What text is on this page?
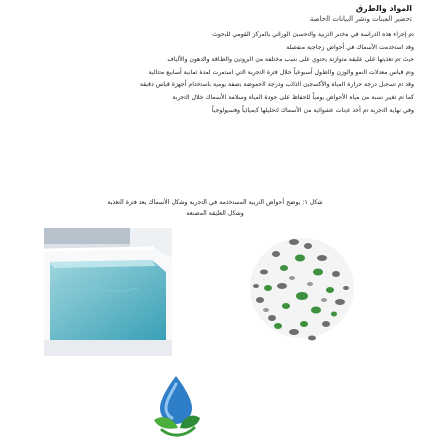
ﺍﻟﻣﻭﺍﺩ ﻭﺍﻟﻁﺭﻕ
ﺗﺣﺿﻳﺭ ﺍﻟﻌﻳﻧﺎﺕ ﻭﻧﺷﺭ ﺍﻟﺑﻳﺎﻧﺎﺕ ﺍﻟﺧﺎﺻﺔ

ﺗﻡ ﺇﺟﺭﺍء ﻫﺫﻩ ﺍﻟﺩﺭﺍﺳﺔ ﻓﻲ ﻣﺧﺗﺑﺭ ﺍﻟﺗﺭﺑﻳﺔ ﻭﺍﻟﺗﺣﺳﻳﻥ ﺍﻟﻭﺭﺍﺛﻲ ﺑﺎﻟﻣﺭﻛﺯ ﺍﻟﻘﻭﻣﻲ ﻟﻠﺑﺣﻭﺙ

ﻭﻗﺩ ﺍﺳﺗﺧﺩﻣﺕ ﺍﻷﺳﻣﺎﻙ ﻓﻲ ﺃﺣﻭﺍﺽ ﺯﺟﺎﺟﻳﺔ ﻣﻧﻔﺻﻠﺔ

ﺣﻳﺙ ﺗﻡ ﺗﻐﺫﻳﺗﻬﺎ ﻋﻠﻰ ﻋﻠﻳﻘﺔ ﻣﺗﻭﺍﺯﻧﺔ ﻳﺣﺗﻭﻱ ﻋﻠﻰ ﻧﺳﺏ ﻣﺧﺗﻠﻔﺔ ﻣﻥ ﺍﻟﺑﺭﻭﺗﻳﻥ ﻭﺍﻟﻁﺎﻗﺔ ﻭﺍﻟﺩﻫﻭﻥ ﻭﺍﻷﻟﻳﺎﻑ

ﻭﺗﻡ ﻗﻳﺎﺱ ﻣﻌﺩﻻﺕ ﺍﻟﻧﻣﻭ ﻭﺍﻟﻭﺯﻥ ﻭﺍﻟﻁﻭﻝ ﺃﺳﺑﻭﻋﻳﺎً ﺧﻼﻝ ﻓﺗﺭﺓ ﺍﻟﺗﺟﺭﺑﺔ ﺍﻟﺗﻲ ﺍﺳﺗﻣﺭﺕ ﻟﻣﺩﺓ ﺛﻣﺎﻧﻳﺔ ﺃﺳﺎﺑﻳﻊ ﻣﺗﺗﺎﻟﻳﺔ

ﻭﻗﺩ ﺗﻡ ﺗﺳﺟﻳﻝ ﺩﺭﺟﺔ ﺣﺭﺍﺭﺓ ﺍﻟﻣﻳﺎﻩ ﻭﺍﻷﻛﺳﺟﻳﻥ ﺍﻟﺫﺍﺋﺏ ﻭﺩﺭﺟﺔ ﺍﻟﺣﻣﻭﺿﺔ ﺑﺻﻔﺔ ﻳﻭﻣﻳﺔ ﺑﺎﺳﺗﺧﺩﺍﻡ ﺃﺟﻬﺯﺓ ﻗﻳﺎﺱ ﺩﻗﻳﻘﺔ

ﻛﻣﺎ ﺗﻡ ﺗﻐﻳﻳﺭ ﻧﺳﺑﺔ ﻣﻥ ﻣﻳﺎﻩ ﺍﻷﺣﻭﺍﺽ ﻳﻭﻣﻳﺎً ﻟﻠﺣﻔﺎﻅ ﻋﻠﻰ ﺟﻭﺩﺓ ﺍﻟﻣﻳﺎﻩ ﻭﺳﻼﻣﺔ ﺍﻷﺳﻣﺎﻙ ﺧﻼﻝ ﺍﻟﺗﺟﺭﺑﺔ

ﻭﻓﻲ ﻧﻬﺎﻳﺔ ﺍﻟﺗﺟﺭﺑﺔ ﺗﻡ ﺃﺧﺫ ﻋﻳﻧﺎﺕ ﻋﺷﻭﺍﺋﻳﺔ ﻣﻥ ﺍﻷﺳﻣﺎﻙ ﻟﺗﺣﻠﻳﻠﻬﺎ ﻛﻳﻣﻳﺎﺋﻳﺎً ﻭﻓﺳﻳﻭﻟﻭﺟﻳﺎً

ﺷﻛﻝ ١: ﻳﻭﺿﺢ ﺃﺣﻭﺍﺽ ﺍﻟﺗﺭﺑﻳﺔ ﺍﻟﻣﺳﺗﺧﺩﻣﺔ ﻓﻲ ﺍﻟﺗﺟﺭﺑﺔ ﻭﺷﻛﻝ ﺍﻷﺳﻣﺎﻙ ﺑﻌﺩ ﻓﺗﺭﺓ ﺍﻟﺗﻐﺫﻳﺔ

ﻭﺷﻛﻝ ﺍﻟﻌﻠﻳﻘﺔ ﺍﻟﻣﺻﻧﻌﺔ
